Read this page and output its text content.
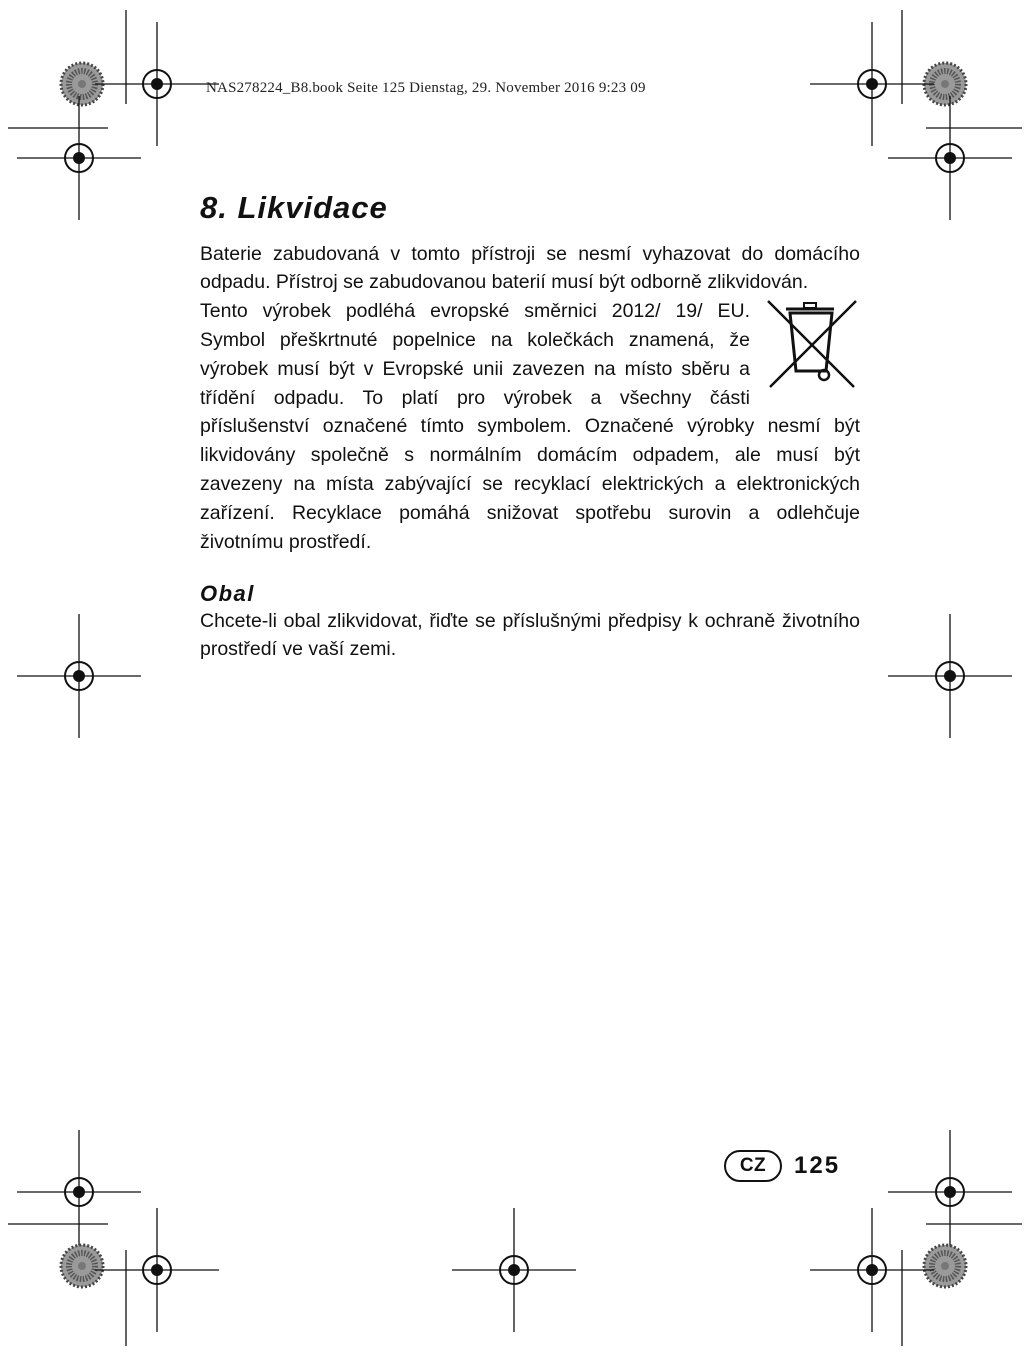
NAS278224_B8.book Seite 125 Dienstag, 29. November 2016 9:23 09
8. Likvidace

Baterie zabudovaná v tomto přístroji se nesmí vyhazovat do domácího odpadu. Přístroj se zabudovanou baterií musí být odborně zlikvidován.

Tento výrobek podléhá evropské směrnici 2012/ 19/ EU. Symbol přeškrtnuté popelnice na kolečkách znamená, že výrobek musí být v Evropské unii zavezen na místo sběru a třídění odpadu. To platí pro výrobek a všechny části příslušenství označené tímto symbolem. Označené výrobky nesmí být likvidovány společně s normálním domácím odpadem, ale musí být zavezeny na místa zabývající se recyklací elektrických a elektronických zařízení. Recyklace pomáhá snižovat spotřebu surovin a odlehčuje životnímu prostředí.

Obal

Chcete-li obal zlikvidovat, řiďte se příslušnými předpisy k ochraně životního prostředí ve vaší zemi.

CZ	125
